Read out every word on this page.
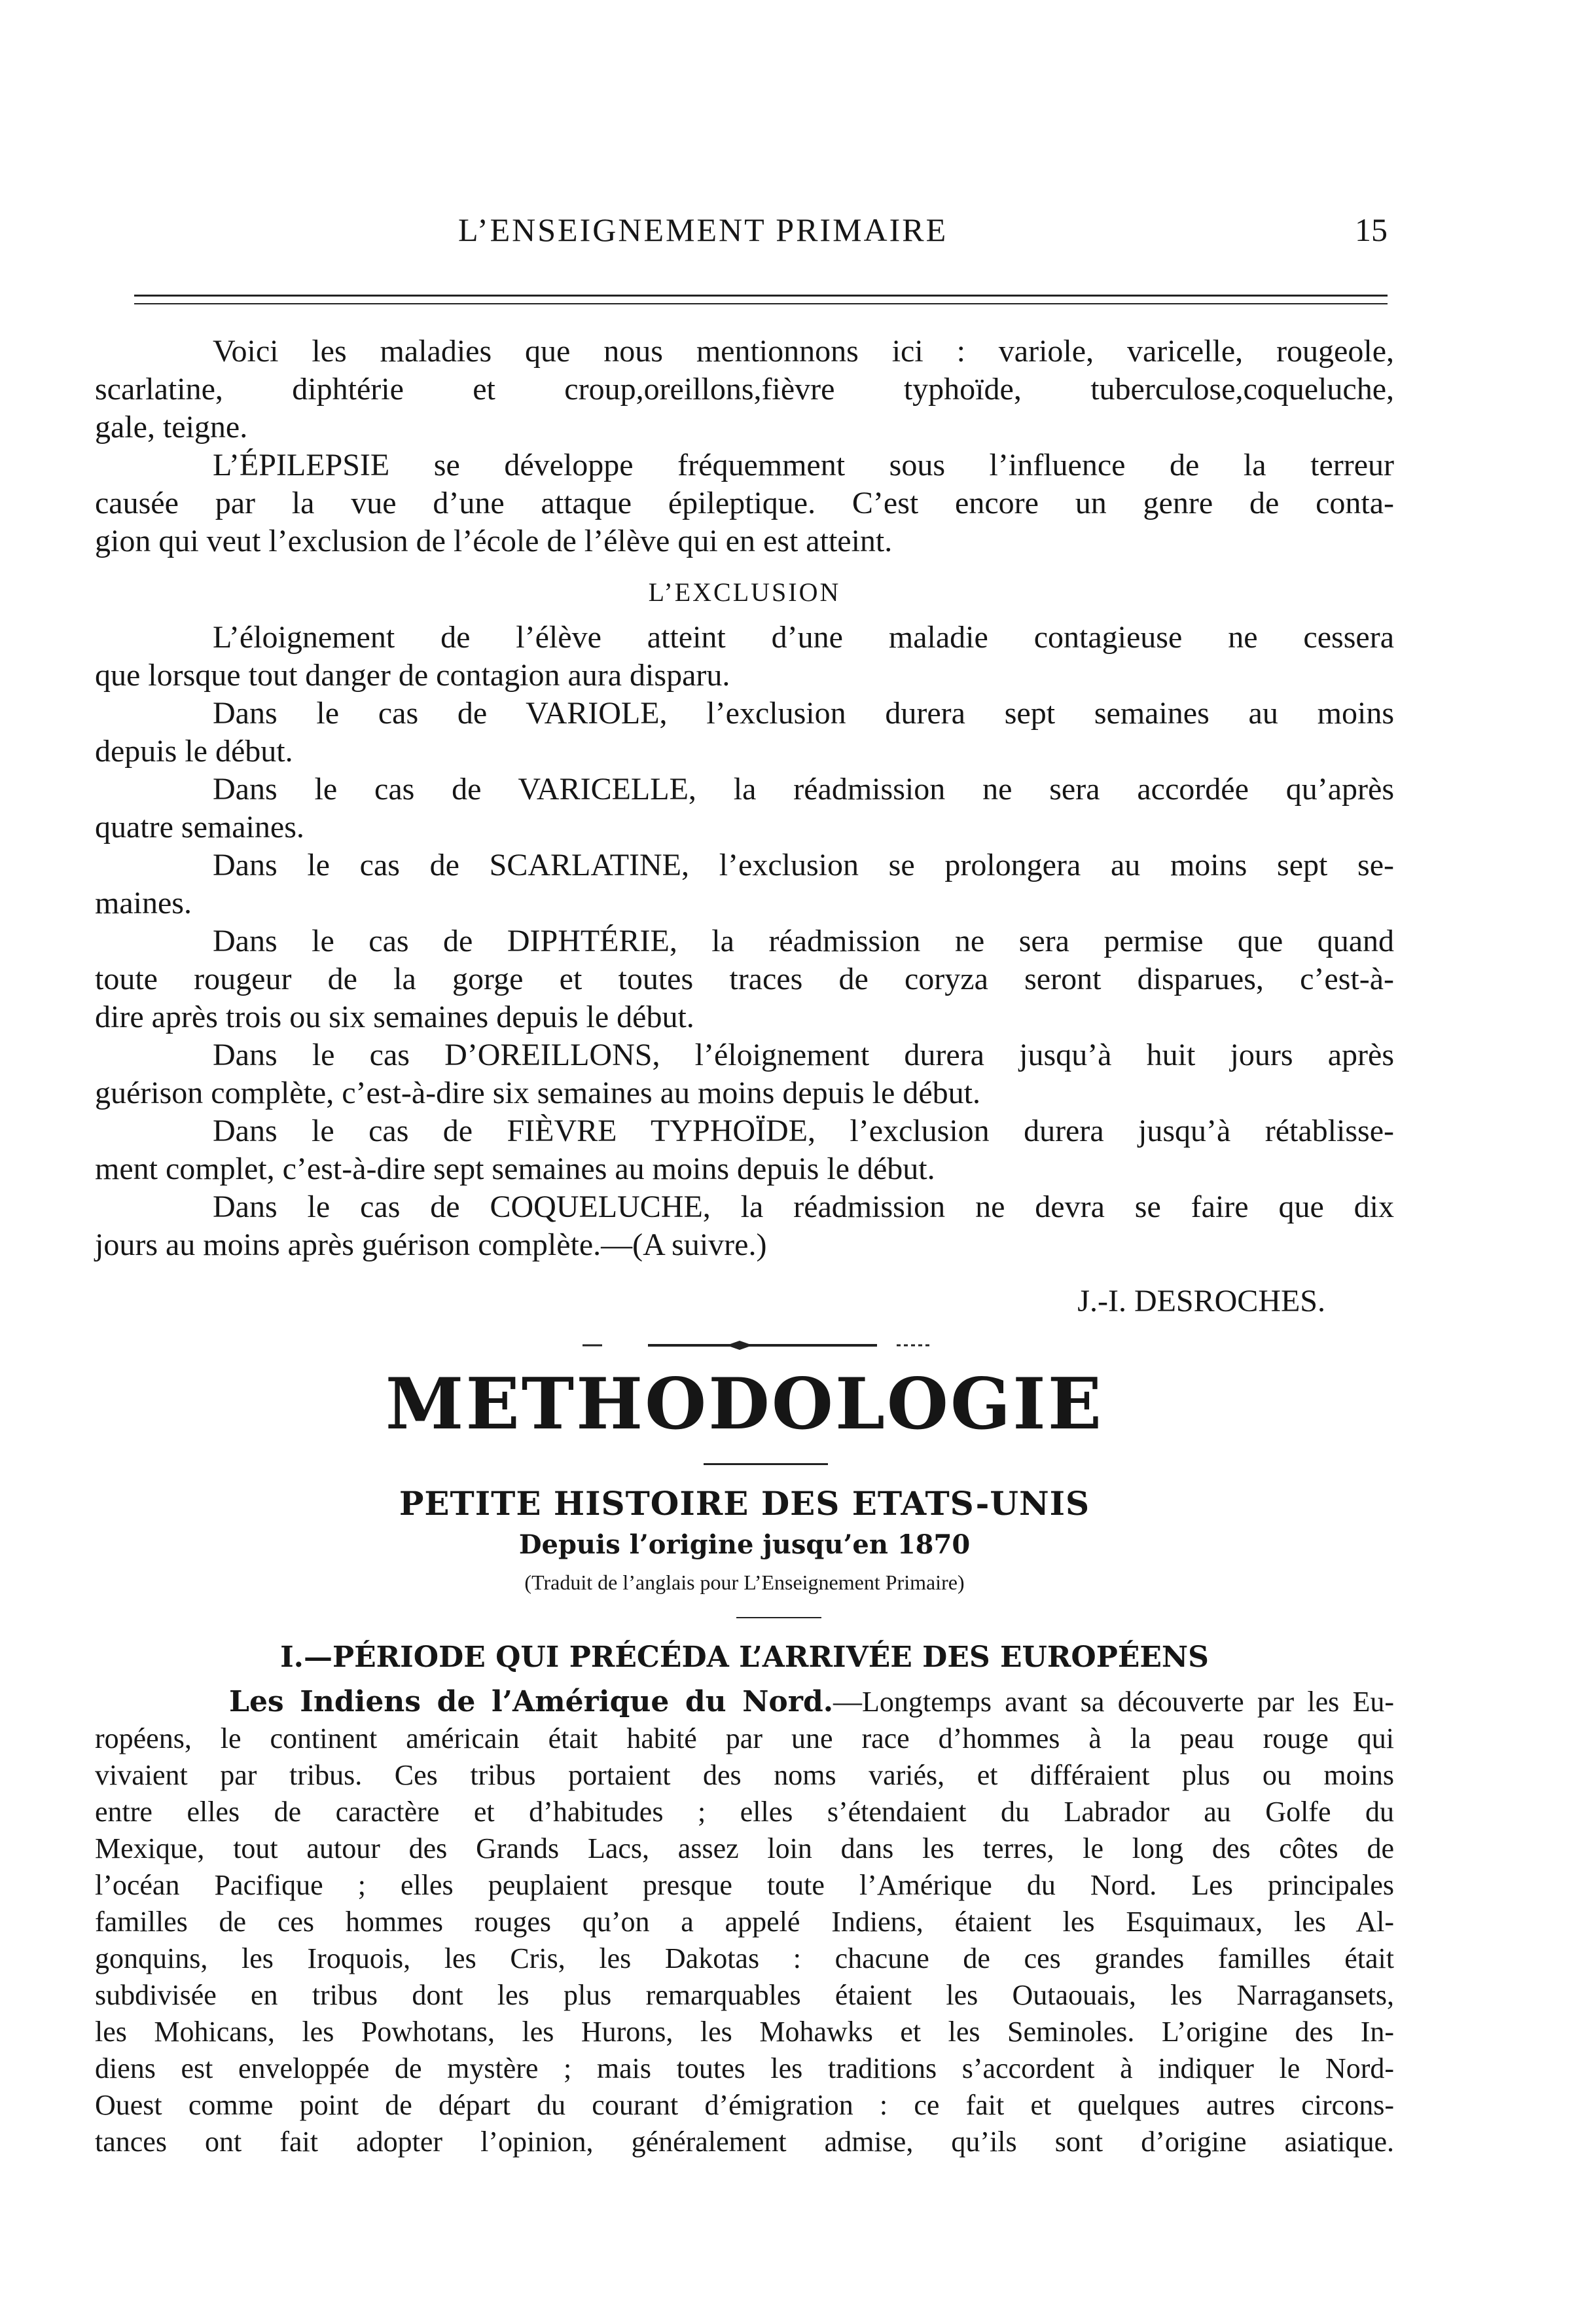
L’ENSEIGNEMENT PRIMAIRE	15
Voici les maladies que nous mentionnons ici : variole, varicelle, rougeole,
scarlatine, diphtérie et croup,oreillons,fièvre typhoïde, tuberculose,coqueluche,
gale, teigne.
L’ÉPILEPSIE se développe fréquemment sous l’influence de la terreur
causée par la vue d’une attaque épileptique. C’est encore un genre de conta-
gion qui veut l’exclusion de l’école de l’élève qui en est atteint.
L’EXCLUSION
L’éloignement de l’élève atteint d’une maladie contagieuse ne cessera
que lorsque tout danger de contagion aura disparu.
Dans le cas de VARIOLE, l’exclusion durera sept semaines au moins
depuis le début.
Dans le cas de VARICELLE, la réadmission ne sera accordée qu’après
quatre semaines.
Dans le cas de SCARLATINE, l’exclusion se prolongera au moins sept se-
maines.
Dans le cas de DIPHTÉRIE, la réadmission ne sera permise que quand
toute rougeur de la gorge et toutes traces de coryza seront disparues, c’est-à-
dire après trois ou six semaines depuis le début.
Dans le cas D’OREILLONS, l’éloignement durera jusqu’à huit jours après
guérison complète, c’est-à-dire six semaines au moins depuis le début.
Dans le cas de FIÈVRE TYPHOÏDE, l’exclusion durera jusqu’à rétablisse-
ment complet, c’est-à-dire sept semaines au moins depuis le début.
Dans le cas de COQUELUCHE, la réadmission ne devra se faire que dix
jours au moins après guérison complète.—(A suivre.)
J.-I. DESROCHES.
METHODOLOGIE
PETITE HISTOIRE DES ETATS-UNIS
Depuis l’origine jusqu’en 1870
(Traduit de l’anglais pour L’Enseignement Primaire)
I.—PÉRIODE QUI PRÉCÉDA L’ARRIVÉE DES EUROPÉENS
Les Indiens de l’Amérique du Nord.—Longtemps avant sa découverte par les Eu-
ropéens, le continent américain était habité par une race d’hommes à la peau rouge qui
vivaient par tribus. Ces tribus portaient des noms variés, et différaient plus ou moins
entre elles de caractère et d’habitudes ; elles s’étendaient du Labrador au Golfe du
Mexique, tout autour des Grands Lacs, assez loin dans les terres, le long des côtes de
l’océan Pacifique ; elles peuplaient presque toute l’Amérique du Nord. Les principales
familles de ces hommes rouges qu’on a appelé Indiens, étaient les Esquimaux, les Al-
gonquins, les Iroquois, les Cris, les Dakotas : chacune de ces grandes familles était
subdivisée en tribus dont les plus remarquables étaient les Outaouais, les Narragansets,
les Mohicans, les Powhotans, les Hurons, les Mohawks et les Seminoles. L’origine des In-
diens est enveloppée de mystère ; mais toutes les traditions s’accordent à indiquer le Nord-
Ouest comme point de départ du courant d’émigration : ce fait et quelques autres circons-
tances ont fait adopter l’opinion, généralement admise, qu’ils sont d’origine asiatique.
